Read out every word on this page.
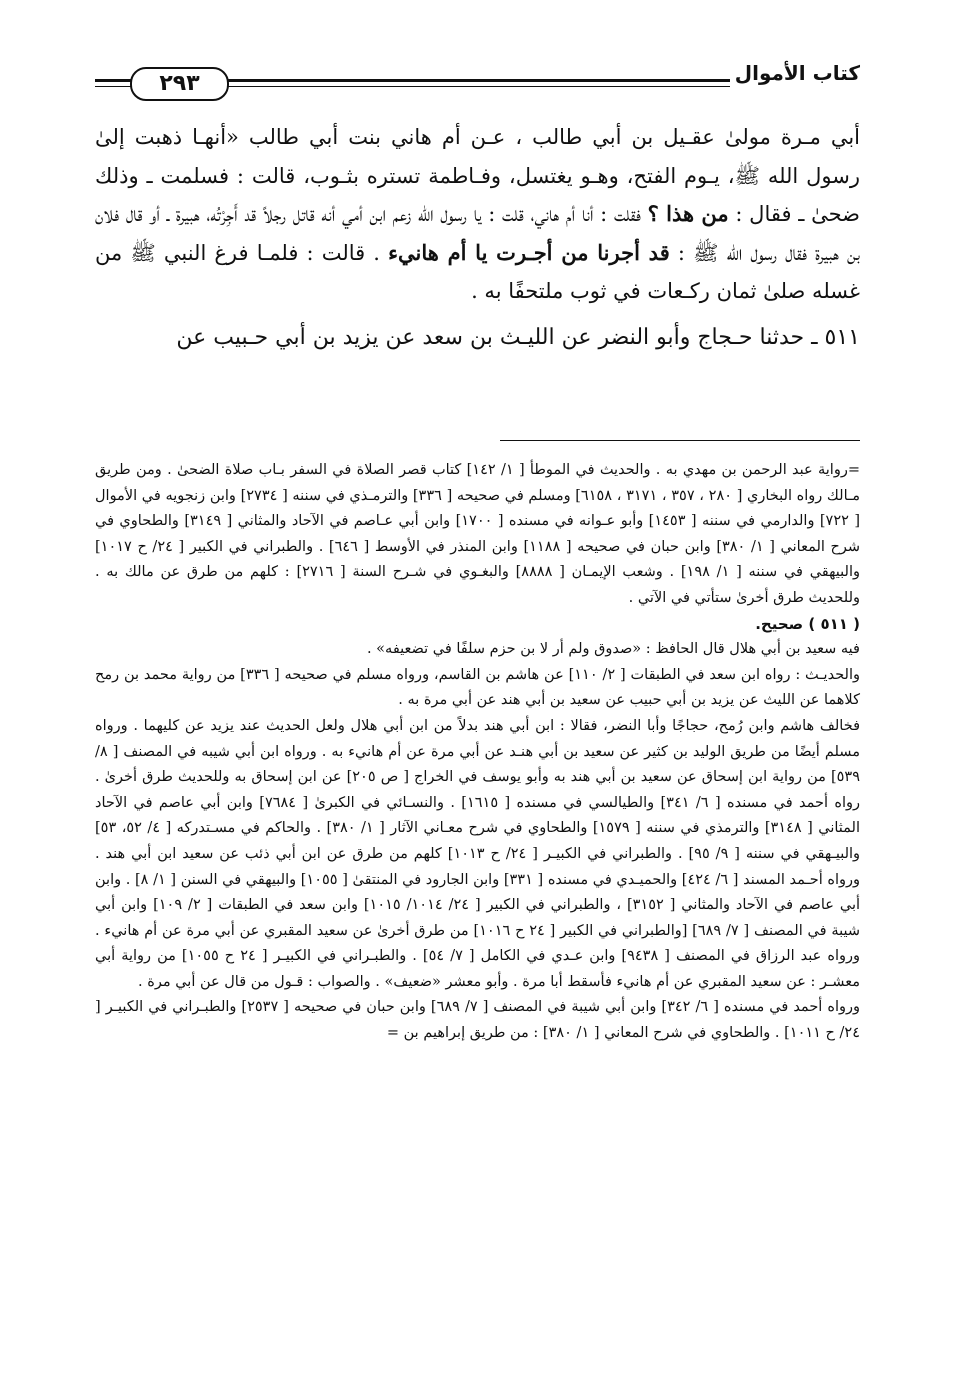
كتاب الأموال
٢٩٣

أبي مـرة مولىٰ عقـيل بن أبي طالب ، عـن أم هاني بنت أبي طالب «أنهـا ذهبت إلىٰ رسول الله ﷺ، يـوم الفتح، وهـو يغتسل، وفـاطمة تستره بثـوب، قالت : فسلمت ـ وذلك ضحىٰ ـ فقال : من هذا ؟ فقلت : أنا أم هاني، قلت : يا رسول الله زعم ابن أمي أنه قاتل رجلاً قد أَجِرْتُه، هبيرة ـ أو قال فلان بن هبيرة فقال رسول الله ﷺ : قد أجرنا من أجـرت يا أم هانيء . قالت : فلمـا فرغ النبي ﷺ من غسله صلىٰ ثمان ركـعات في ثوب ملتحفًا به .

٥١١ ـ حدثنا حـجاج وأبو النضر عن الليـث بن سعد عن يزيد بن أبي حـبيب عن

=رواية عبد الرحمن بن مهدي به . والحديث في الموطأ [ ١/ ١٤٢] كتاب قصر الصلاة في السفر بـاب صلاة الضحىٰ . ومن طريق مـالك رواه البخاري [ ٢٨٠ ، ٣٥٧ ، ٣١٧١ ، ٦١٥٨] ومسلم في صحيحه [ ٣٣٦] والترمـذي في سننه [ ٢٧٣٤] وابن زنجويه في الأموال [ ٧٢٢] والدارمي في سننه [ ١٤٥٣] وأبو عـوانه في مسنده [ ١٧٠٠] وابن أبي عـاصم في الآحاد والمثاني [ ٣١٤٩] والطحاوي في شرح المعاني [ ١/ ٣٨٠] وابن حبان في صحيحه [ ١١٨٨] وابن المنذر في الأوسط [ ٦٤٦] . والطبراني في الكبير [ ٢٤/ ح ١٠١٧] والبيهقي في سننه [ ١/ ١٩٨] . وشعب الإيمـان [ ٨٨٨٨] والبغـوي في شـرح السنة [ ٢٧١٦] : كلهم من طرق عن مالك به . وللحديث طرق أخرىٰ ستأتي في الآتي .

( ٥١١ ) صحيح.

فيه سعيد بن أبي هلال قال الحافظ : «صدوق ولم أر لا بن حزم سلفًا في تضعيفه» .

والحديـث : رواه ابن سعد في الطبقات [ ٢/ ١١٠] عن هاشم بن القاسم، ورواه مسلم في صحيحه [ ٣٣٦] من رواية محمد بن رمح كلاهما عن الليث عن يزيد بن أبي حبيب عن سعيد بن أبي هند عن أبي مرة به .

فخالف هاشم وابن رُمح، حجاجًا وأبا النضر، فقالا : ابن أبي هند بدلاً من ابن أبي هلال ولعل الحديث عند يزيد عن كليهما . ورواه مسلم أيضًا من طريق الوليد بن كثير عن سعيد بن أبي هنـد عن أبي مرة عن أم هانيء به . ورواه ابن أبي شيبه في المصنف [ ٨/ ٥٣٩] من رواية ابن إسحاق عن سعيد بن أبي هند به وأبو يوسف في الخراج [ ص ٢٠٥] عن ابن إسحاق به وللحديث طرق أخرىٰ . رواه أحمد في مسنده [ ٦/ ٣٤١] والطيالسي في مسنده [ ١٦١٥] . والنسـائي في الكبرىٰ [ ٧٦٨٤] وابن أبي عاصم في الآحاد المثاني [ ٣١٤٨] والترمذي في سننه [ ١٥٧٩] والطحاوي في شرح معـاني الآثار [ ١/ ٣٨٠] . والحاكم في مسـتدركه [ ٤/ ٥٢، ٥٣] والبيـهقي في سننه [ ٩/ ٩٥] . والطبراني في الكبيـر [ ٢٤/ ح ١٠١٣] كلهم من طرق عن ابن أبي ذئب عن سعيد ابن أبي هند . ورواه أحـمد المسند [ ٦/ ٤٢٤] والحميـدي في مسنده [ ٣٣١] وابن الجارود في المنتقىٰ [ ١٠٥٥] والبيهقي في السنن [ ١/ ٨] . وابن أبي عاصم في الآحاد والمثاني [ ٣١٥٢] ، والطبراني في الكبير [ ٢٤/ ١٠١٤/ ١٠١٥] وابن سعد في الطبقات [ ٢/ ١٠٩] وابن أبي شيبة في المصنف [ ٧/ ٦٨٩] [والطبراني في الكبير [ ٢٤ ح ١٠١٦] من طرق أخرىٰ عن سعيد المقبري عن أبي مرة عن أم هانيء . ورواه عبد الرزاق في المصنف [ ٩٤٣٨] وابن عـدي في الكامل [ ٧/ ٥٤] . والطبـراني في الكبيـر [ ٢٤ ح ١٠٥٥] من رواية أبي معشـر : عن سعيد المقبري عن أم هانيء فأسقط أبا مرة . وأبو معشر «ضعيف» . والصواب : قـول من قال عن أبي مرة .

ورواه أحمد في مسنده [ ٦/ ٣٤٢] وابن أبي شيبة في المصنف [ ٧/ ٦٨٩] وابن حبان في صحيحه [ ٢٥٣٧] والطبـراني في الكبيـر [ ٢٤/ ح ١٠١١] . والطحاوي في شرح المعاني [ ١/ ٣٨٠] : من طريق إبراهيم بن =
